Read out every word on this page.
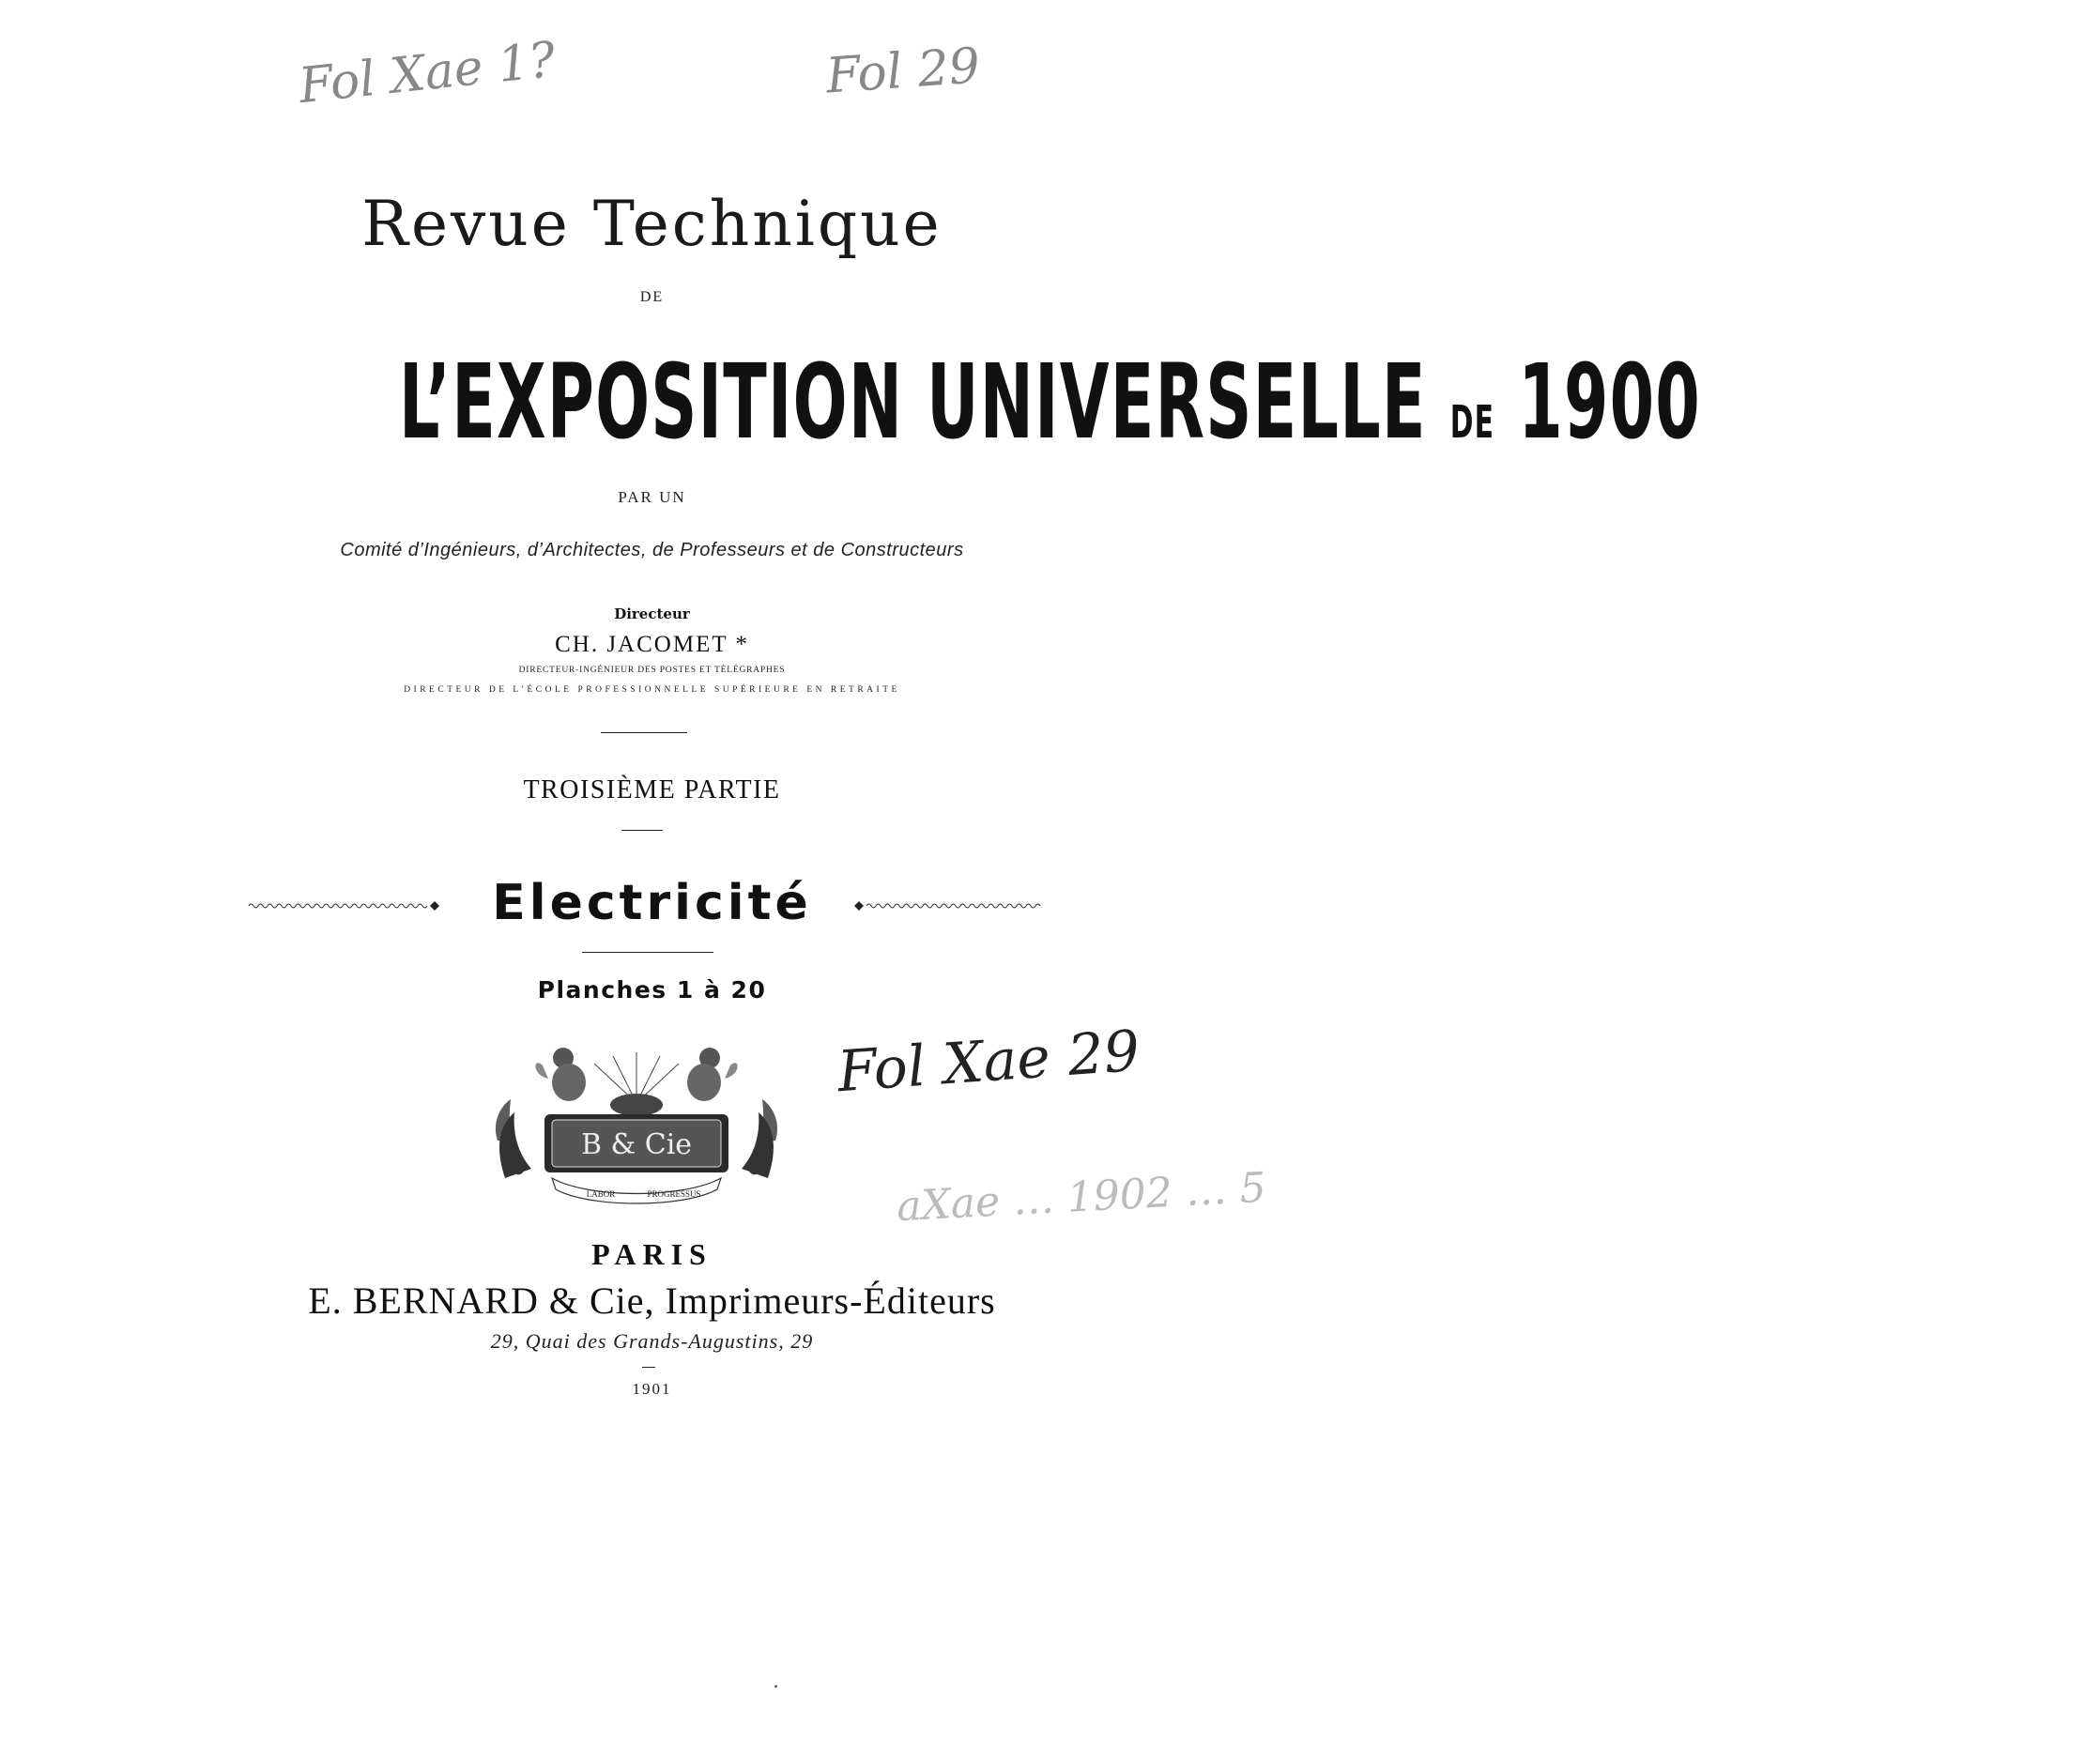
Fol Xae 1?	Fol 29
Fol Xae 29
aXae … 1902 … 5
Revue Technique
DE
L’EXPOSITION UNIVERSELLE DE 1900
PAR UN
Comité d’Ingénieurs, d’Architectes, de Professeurs et de Constructeurs
Directeur
CH. JACOMET *
DIRECTEUR-INGÉNIEUR DES POSTES ET TÉLÉGRAPHES
DIRECTEUR DE L’ÉCOLE PROFESSIONNELLE SUPÉRIEURE EN RETRAITE
TROISIÈME PARTIE
Electricité
Planches 1 à 20
B & Cie
LABOR	PROGRESSUS
PARIS
E. BERNARD & Cie, Imprimeurs-Éditeurs
29, Quai des Grands-Augustins, 29
1901
